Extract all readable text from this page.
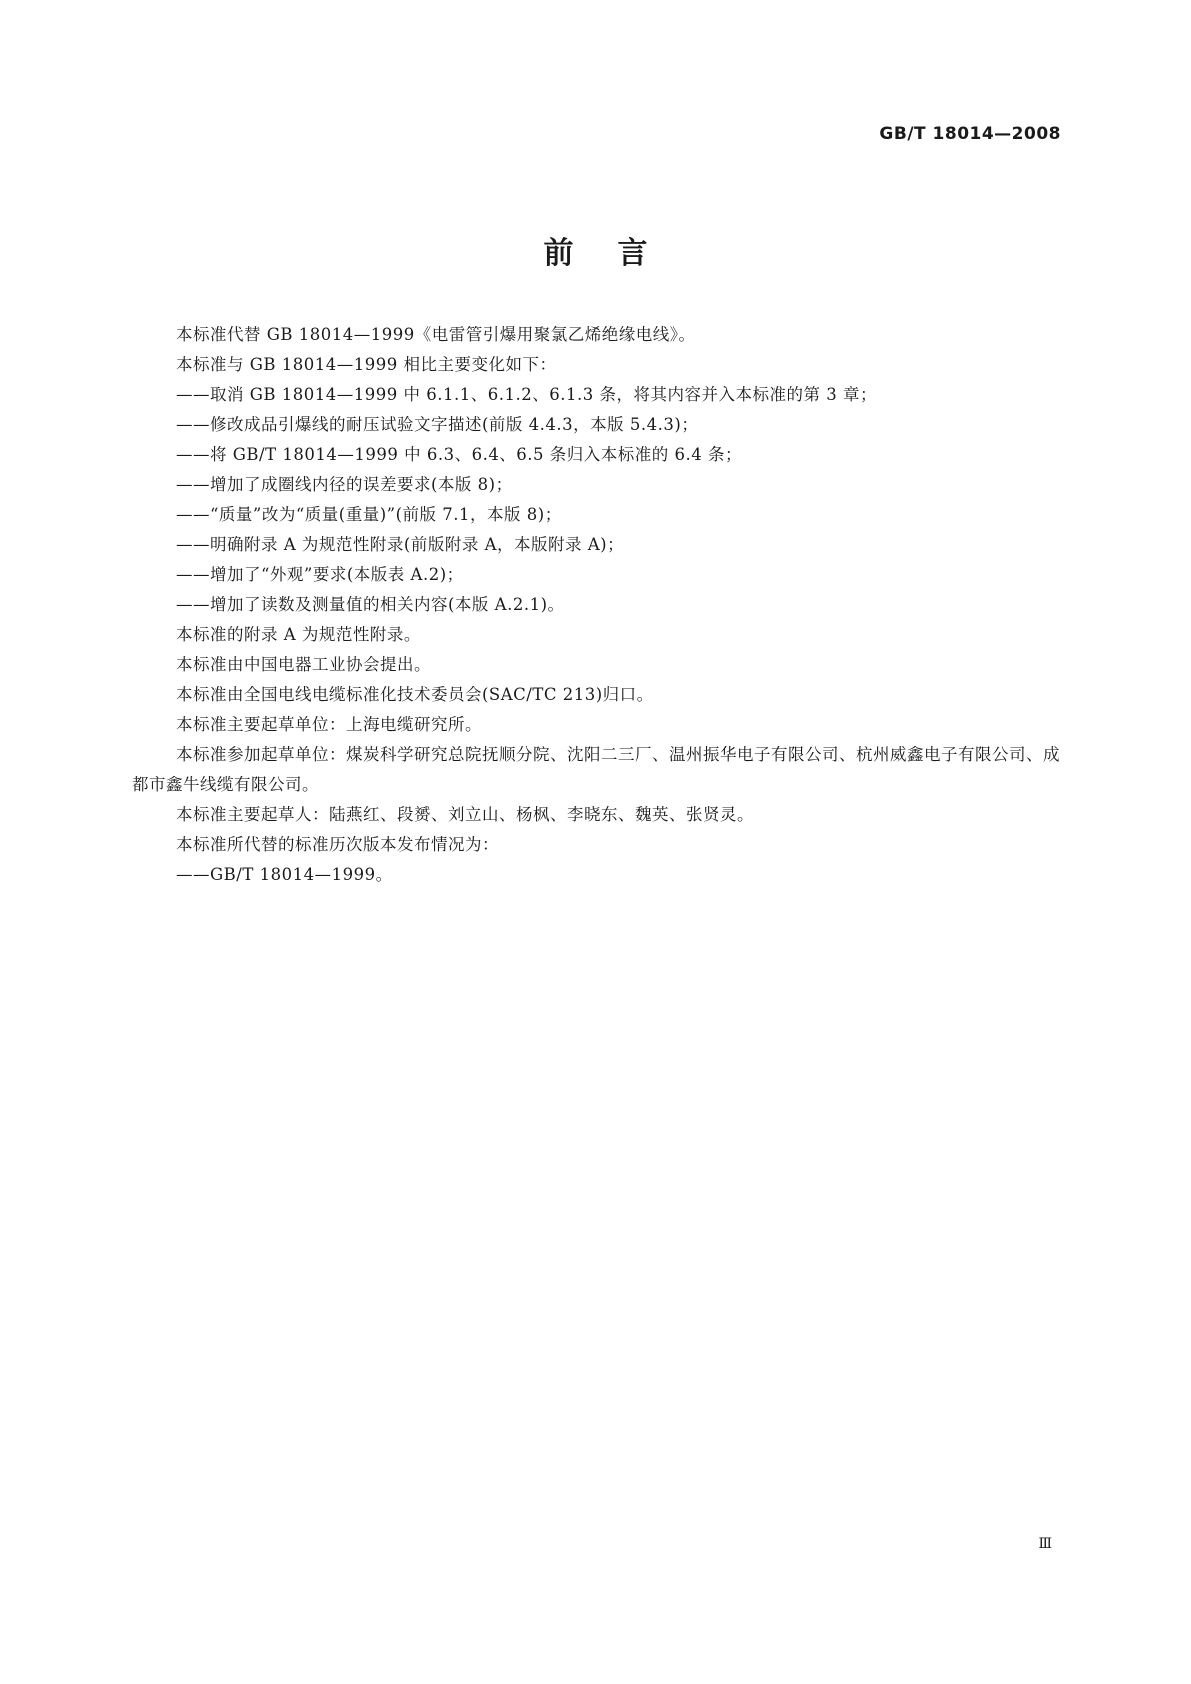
GB/T 18014—2008
前言

本标准代替 GB 18014—1999《电雷管引爆用聚氯乙烯绝缘电线》。

本标准与 GB 18014—1999 相比主要变化如下：

——取消 GB 18014—1999 中 6.1.1、6.1.2、6.1.3 条，将其内容并入本标准的第 3 章；

——修改成品引爆线的耐压试验文字描述(前版 4.4.3，本版 5.4.3)；

——将 GB/T 18014—1999 中 6.3、6.4、6.5 条归入本标准的 6.4 条；

——增加了成圈线内径的误差要求(本版 8)；

——“质量”改为“质量(重量)”(前版 7.1，本版 8)；

——明确附录 A 为规范性附录(前版附录 A，本版附录 A)；

——增加了“外观”要求(本版表 A.2)；

——增加了读数及测量值的相关内容(本版 A.2.1)。

本标准的附录 A 为规范性附录。

本标准由中国电器工业协会提出。

本标准由全国电线电缆标准化技术委员会(SAC/TC 213)归口。

本标准主要起草单位：上海电缆研究所。

本标准参加起草单位：煤炭科学研究总院抚顺分院、沈阳二三厂、温州振华电子有限公司、杭州威鑫电子有限公司、成都市鑫牛线缆有限公司。

本标准主要起草人：陆燕红、段赟、刘立山、杨枫、李晓东、魏英、张贤灵。

本标准所代替的标准历次版本发布情况为：

——GB/T 18014—1999。

Ⅲ
